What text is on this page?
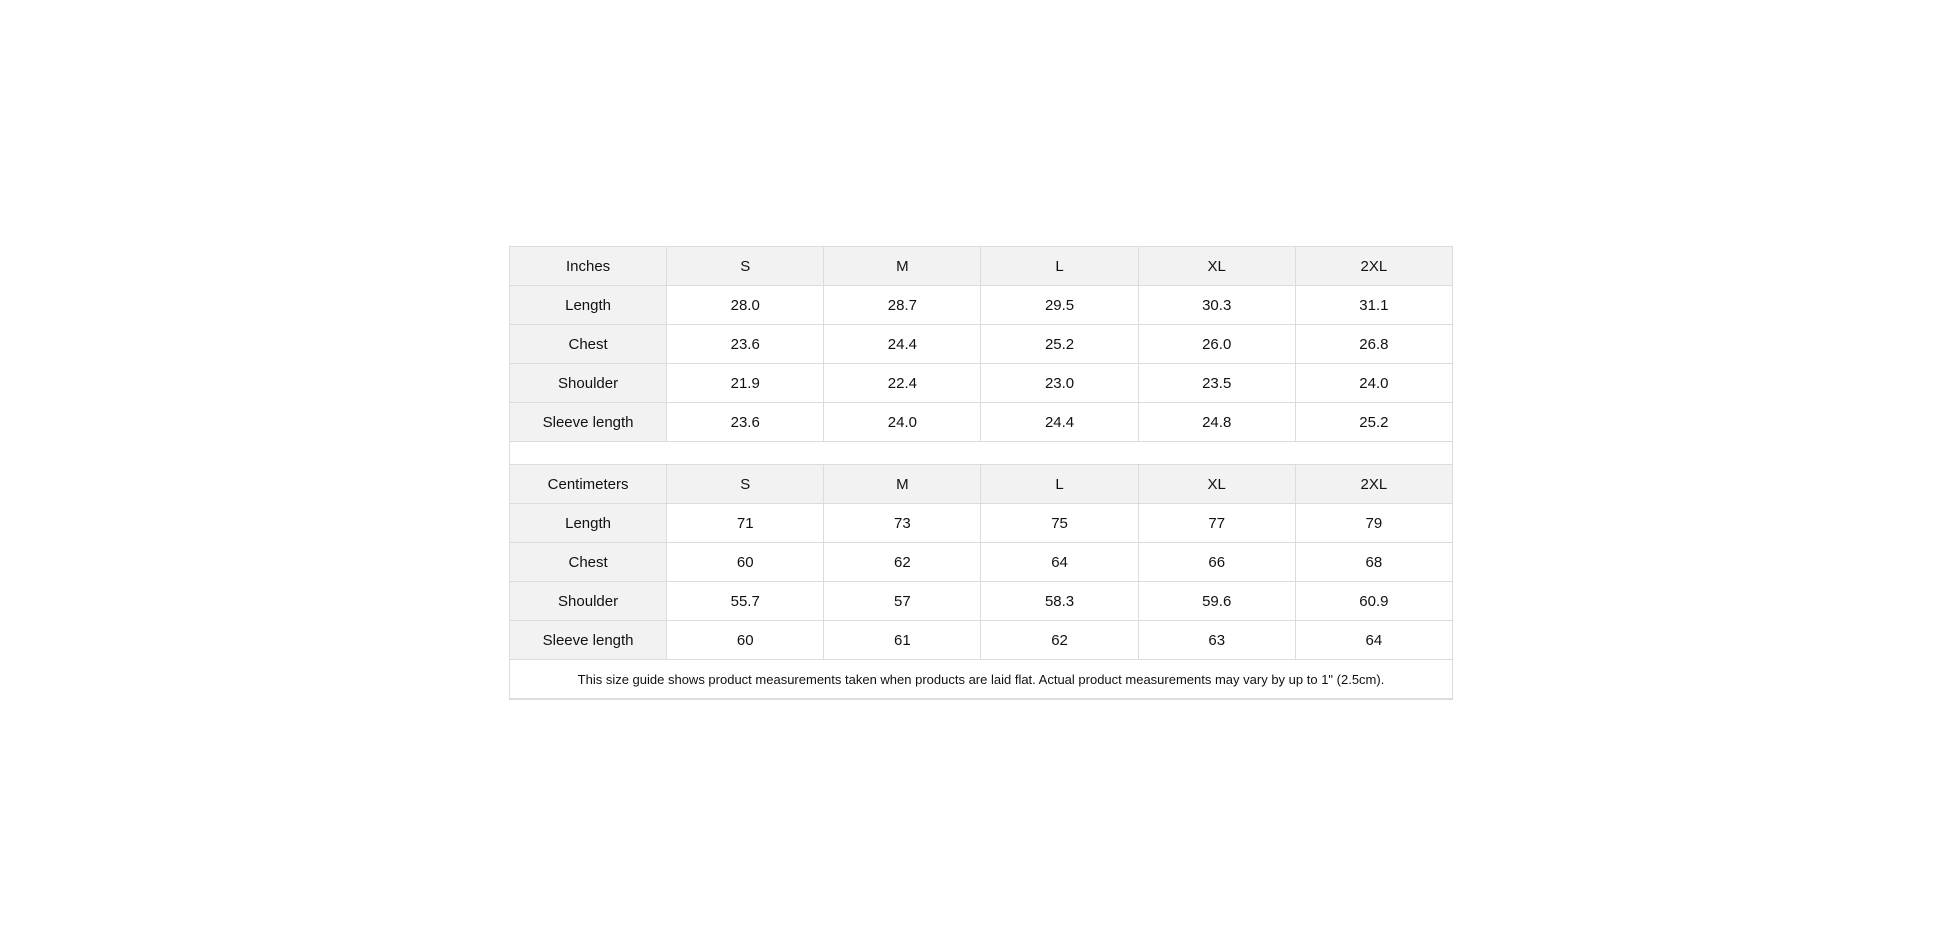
Inches	S	M	L	XL	2XL
Length	28.0	28.7	29.5	30.3	31.1
Chest	23.6	24.4	25.2	26.0	26.8
Shoulder	21.9	22.4	23.0	23.5	24.0
Sleeve length	23.6	24.0	24.4	24.8	25.2

Centimeters	S	M	L	XL	2XL
Length	71	73	75	77	79
Chest	60	62	64	66	68
Shoulder	55.7	57	58.3	59.6	60.9
Sleeve length	60	61	62	63	64
This size guide shows product measurements taken when products are laid flat. Actual product measurements may vary by up to 1" (2.5cm).					
